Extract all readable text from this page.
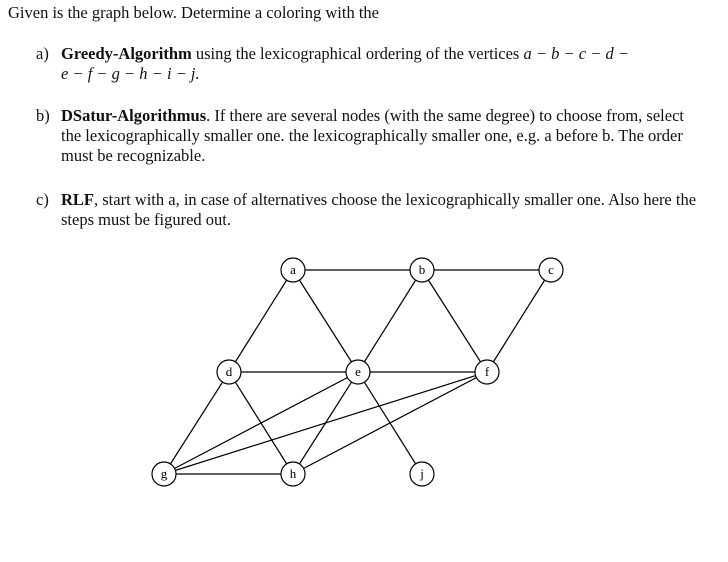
Given is the graph below. Determine a coloring with the
a) Greedy-Algorithm using the lexicographical ordering of the vertices a − b − c − d −
e − f − g − h − i − j.
b) DSatur-Algorithmus. If there are several nodes (with the same degree) to choose from, select the lexicographically smaller one. the lexicographically smaller one, e.g. a before b. The order must be recognizable.
c) RLF, start with a, in case of alternatives choose the lexicographically smaller one. Also here the steps must be figured out.
a	b	c
d	e	f
g	h	j
